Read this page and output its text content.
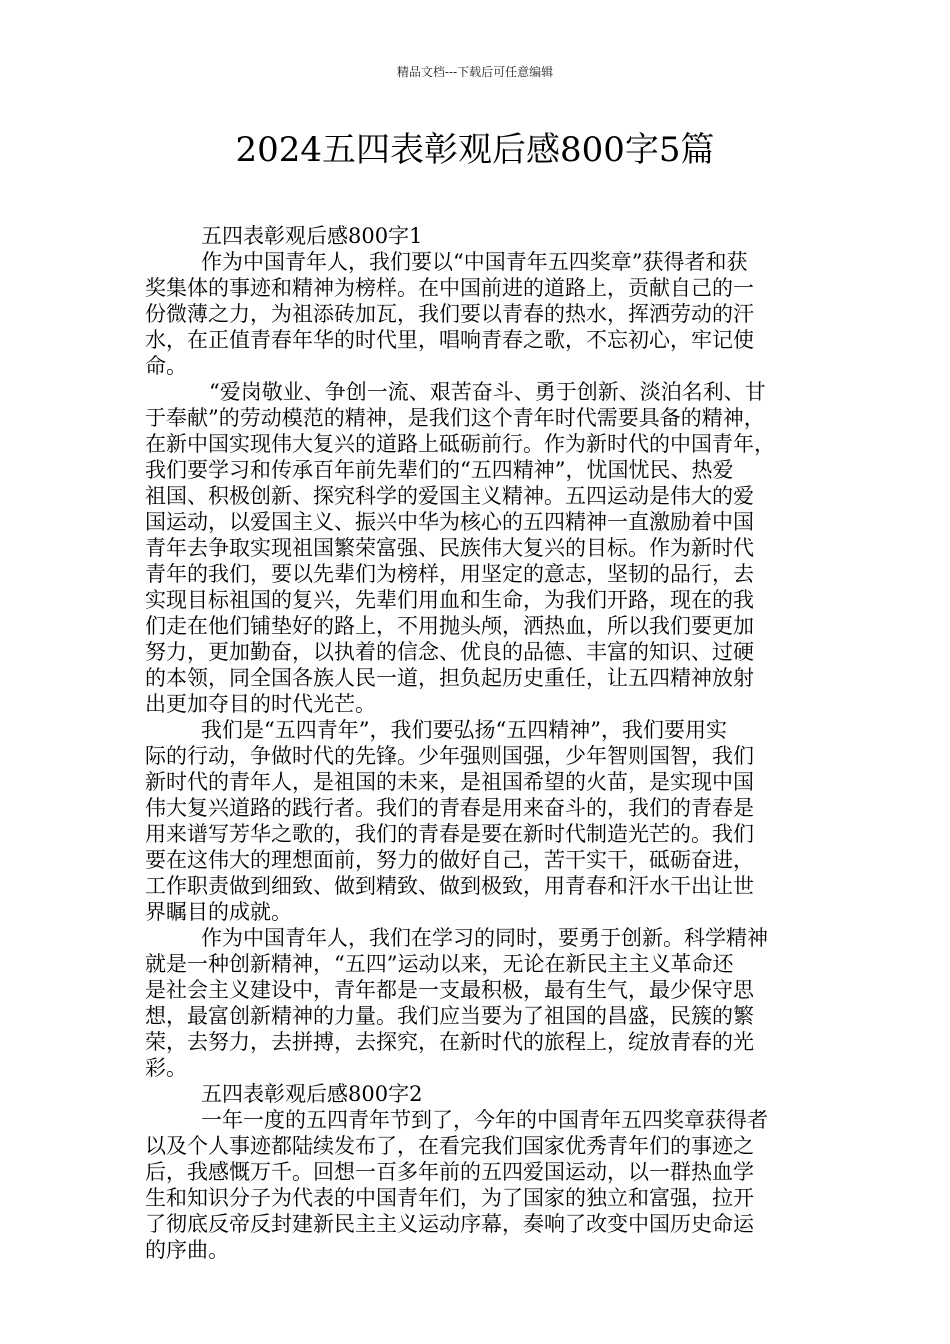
精品文档---下载后可任意编辑
2024五四表彰观后感800字5篇
五四表彰观后感800字1
作为中国青年人，我们要以“中国青年五四奖章”获得者和获
奖集体的事迹和精神为榜样。在中国前进的道路上，贡献自己的一
份微薄之力，为祖添砖加瓦，我们要以青春的热水，挥洒劳动的汗
水，在正值青春年华的时代里，唱响青春之歌，不忘初心，牢记使
命。
“爱岗敬业、争创一流、艰苦奋斗、勇于创新、淡泊名利、甘
于奉献”的劳动模范的精神，是我们这个青年时代需要具备的精神，
在新中国实现伟大复兴的道路上砥砺前行。作为新时代的中国青年，
我们要学习和传承百年前先辈们的“五四精神”，忧国忧民、热爱
祖国、积极创新、探究科学的爱国主义精神。五四运动是伟大的爱
国运动，以爱国主义、振兴中华为核心的五四精神一直激励着中国
青年去争取实现祖国繁荣富强、民族伟大复兴的目标。作为新时代
青年的我们，要以先辈们为榜样，用坚定的意志，坚韧的品行，去
实现目标祖国的复兴，先辈们用血和生命，为我们开路，现在的我
们走在他们铺垫好的路上，不用抛头颅，洒热血，所以我们要更加
努力，更加勤奋，以执着的信念、优良的品德、丰富的知识、过硬
的本领，同全国各族人民一道，担负起历史重任，让五四精神放射
出更加夺目的时代光芒。
我们是“五四青年”，我们要弘扬“五四精神”，我们要用实
际的行动，争做时代的先锋。少年强则国强，少年智则国智，我们
新时代的青年人，是祖国的未来，是祖国希望的火苗，是实现中国
伟大复兴道路的践行者。我们的青春是用来奋斗的，我们的青春是
用来谱写芳华之歌的，我们的青春是要在新时代制造光芒的。我们
要在这伟大的理想面前，努力的做好自己，苦干实干，砥砺奋进，
工作职责做到细致、做到精致、做到极致，用青春和汗水干出让世
界瞩目的成就。
作为中国青年人，我们在学习的同时，要勇于创新。科学精神
就是一种创新精神，“五四”运动以来，无论在新民主主义革命还
是社会主义建设中，青年都是一支最积极，最有生气，最少保守思
想，最富创新精神的力量。我们应当要为了祖国的昌盛，民簇的繁
荣，去努力，去拼搏，去探究，在新时代的旅程上，绽放青春的光
彩。
五四表彰观后感800字2
一年一度的五四青年节到了，今年的中国青年五四奖章获得者
以及个人事迹都陆续发布了，在看完我们国家优秀青年们的事迹之
后，我感慨万千。回想一百多年前的五四爱国运动，以一群热血学
生和知识分子为代表的中国青年们，为了国家的独立和富强，拉开
了彻底反帝反封建新民主主义运动序幕，奏响了改变中国历史命运
的序曲。
